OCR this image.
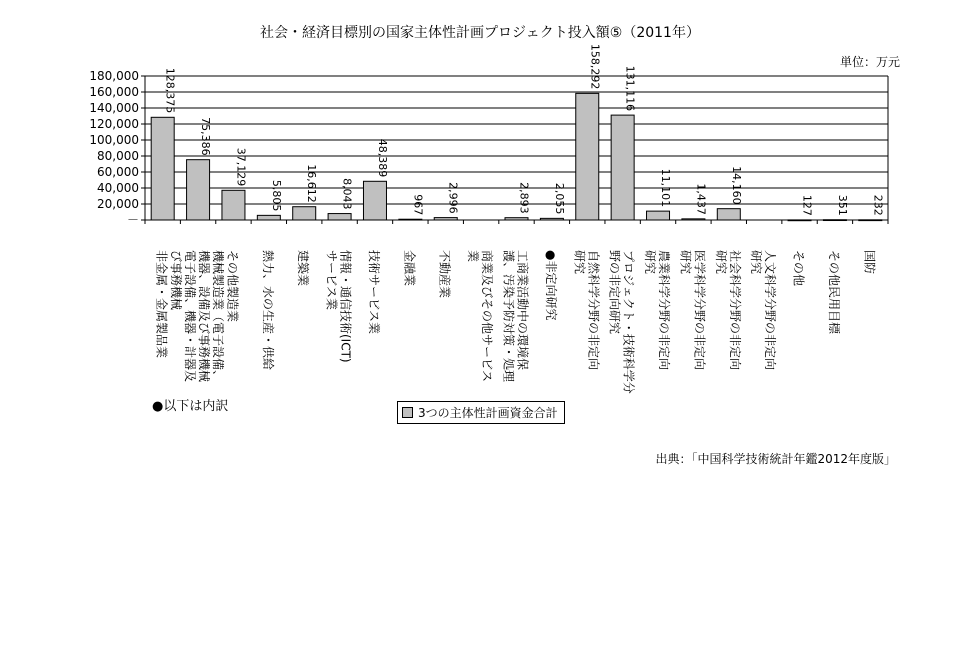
社会・経済目標別の国家主体性計画プロジェクト投入額⑤（2011年）
単位：万元
－
20,000
40,000
60,000
80,000
100,000
120,000
140,000
160,000
180,000 128,375
75,386
37,129
5,805 16,612 8,043
48,389
967 2,996	2,893 2,055
158,292 131,116
11,101 1,437 14,160
127 351 232
非金属・金属製品業	機械製造業（電子設備、
機器、設備及び事務機械
電子設備、機器・計器及
び事務機械	その他製造業 熱力、水の生産・供給 建築業 情報・通信技術(ICT)
サービス業 技術サービス業 金融業 不動産業 商業及びその他サービス
業	工商業活動中の環境保
護、汚染予防対策・処理 ●非定向研究 自然科学分野の非定向
研究	プロジェクト・技術科学分
野の非定向研究	農業科学分野の非定向
研究	医学科学分野の非定向
研究	社会科学分野の非定向
研究	人文科学分野の非定向
研究 その他 その他民用目標 国防
●以下は内訳	3つの主体性計画資金合計
出典：「中国科学技術統計年鑑2012年度版」
